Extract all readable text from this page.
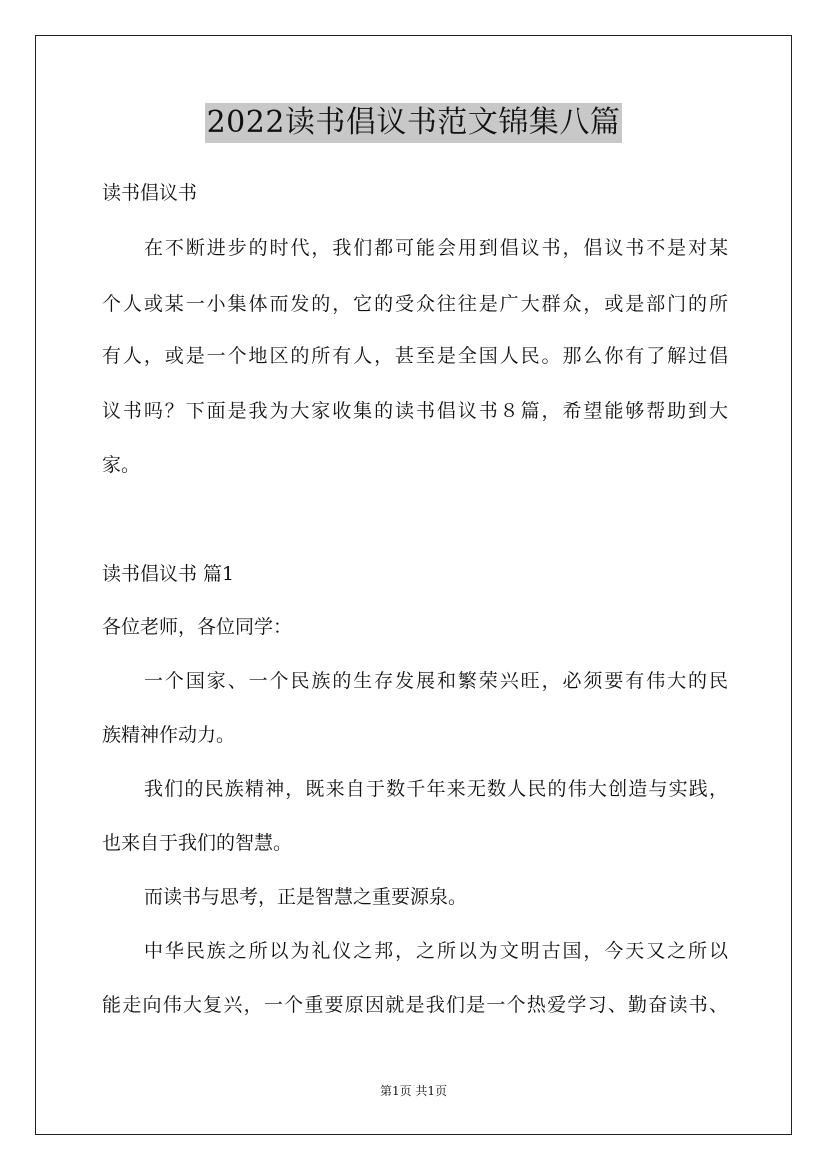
2022读书倡议书范文锦集八篇
读书倡议书
在不断进步的时代，我们都可能会用到倡议书，倡议书不是对某
个人或某一小集体而发的，它的受众往往是广大群众，或是部门的所
有人，或是一个地区的所有人，甚至是全国人民。那么你有了解过倡
议书吗？下面是我为大家收集的读书倡议书８篇，希望能够帮助到大
家。
读书倡议书 篇1
各位老师，各位同学：
一个国家、一个民族的生存发展和繁荣兴旺，必须要有伟大的民
族精神作动力。
我们的民族精神，既来自于数千年来无数人民的伟大创造与实践，
也来自于我们的智慧。
而读书与思考，正是智慧之重要源泉。
中华民族之所以为礼仪之邦，之所以为文明古国，今天又之所以
能走向伟大复兴，一个重要原因就是我们是一个热爱学习、勤奋读书、
第1页 共1页
